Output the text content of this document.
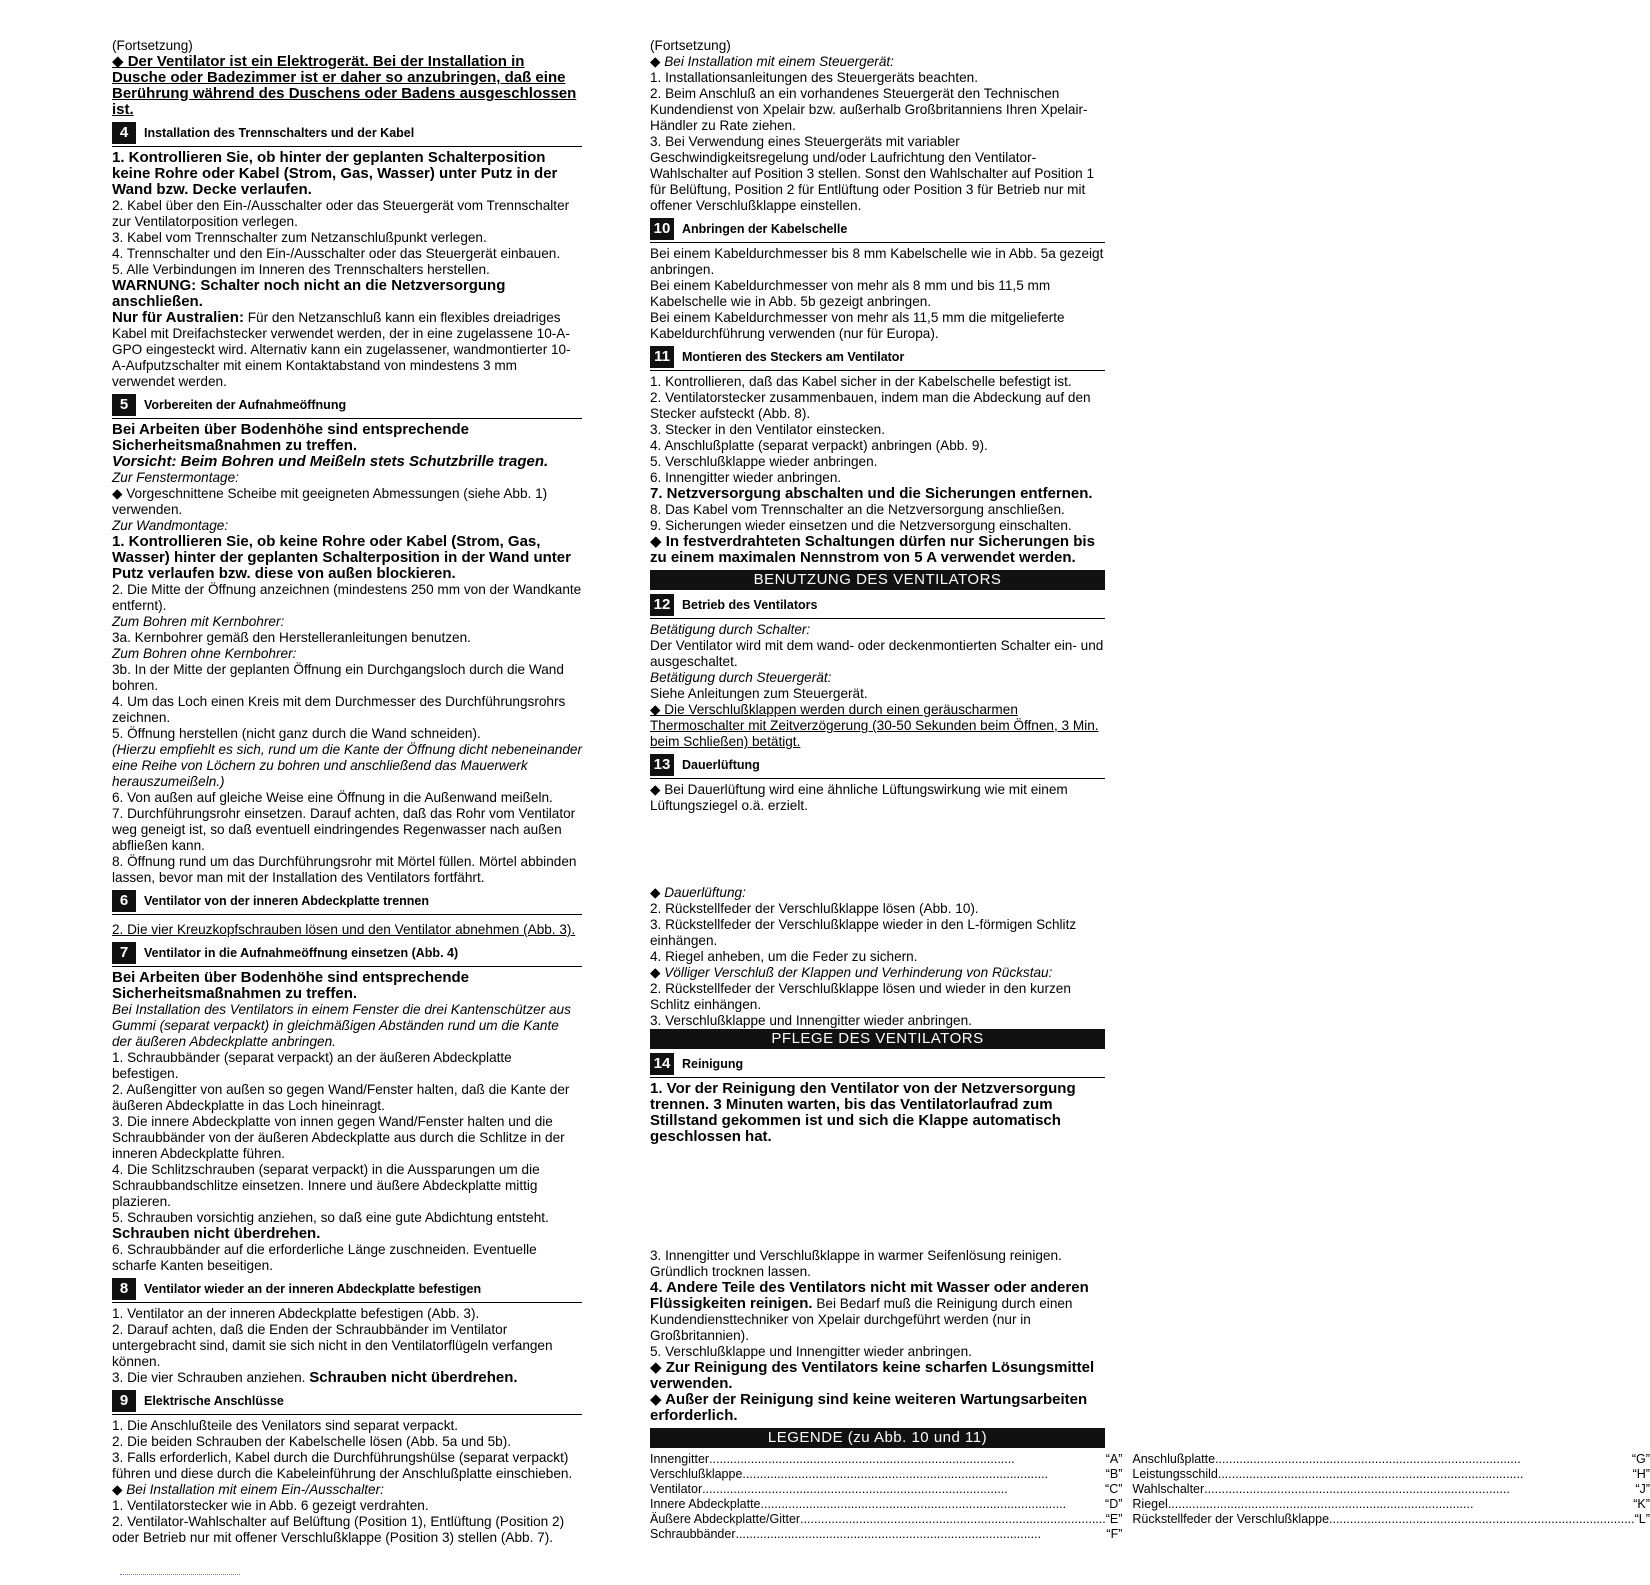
(Fortsetzung)

◆ Der Ventilator ist ein Elektrogerät. Bei der Installation in Dusche oder Badezimmer ist er daher so anzubringen, daß eine Berührung während des Duschens oder Badens ausgeschlossen ist.

4	Installation des Trennschalters und der Kabel

1. Kontrollieren Sie, ob hinter der geplanten Schalterposition keine Rohre oder Kabel (Strom, Gas, Wasser) unter Putz in der Wand bzw. Decke verlaufen.

2. Kabel über den Ein-/Ausschalter oder das Steuergerät vom Trennschalter zur Ventilatorposition verlegen.

3. Kabel vom Trennschalter zum Netzanschlußpunkt verlegen.

4. Trennschalter und den Ein-/Ausschalter oder das Steuergerät einbauen.

5. Alle Verbindungen im Inneren des Trennschalters herstellen.

WARNUNG: Schalter noch nicht an die Netzversorgung anschließen.

Nur für Australien: Für den Netzanschluß kann ein flexibles dreiadriges Kabel mit Dreifachstecker verwendet werden, der in eine zugelassene 10-A-GPO eingesteckt wird. Alternativ kann ein zugelassener, wandmontierter 10-A-Aufputzschalter mit einem Kontaktabstand von mindestens 3 mm verwendet werden.

5	Vorbereiten der Aufnahmeöffnung

Bei Arbeiten über Bodenhöhe sind entsprechende Sicherheitsmaßnahmen zu treffen.

Vorsicht: Beim Bohren und Meißeln stets Schutzbrille tragen.

Zur Fenstermontage:

◆ Vorgeschnittene Scheibe mit geeigneten Abmessungen (siehe Abb. 1) verwenden.

Zur Wandmontage:

1. Kontrollieren Sie, ob keine Rohre oder Kabel (Strom, Gas, Wasser) hinter der geplanten Schalterposition in der Wand unter Putz verlaufen bzw. diese von außen blockieren.

2. Die Mitte der Öffnung anzeichnen (mindestens 250 mm von der Wandkante entfernt).

Zum Bohren mit Kernbohrer:

3a. Kernbohrer gemäß den Herstelleranleitungen benutzen.

Zum Bohren ohne Kernbohrer:

3b. In der Mitte der geplanten Öffnung ein Durchgangsloch durch die Wand bohren.

4. Um das Loch einen Kreis mit dem Durchmesser des Durchführungsrohrs zeichnen.

5. Öffnung herstellen (nicht ganz durch die Wand schneiden).

(Hierzu empfiehlt es sich, rund um die Kante der Öffnung dicht nebeneinander eine Reihe von Löchern zu bohren und anschließend das Mauerwerk herauszumeißeln.)

6. Von außen auf gleiche Weise eine Öffnung in die Außenwand meißeln.

7. Durchführungsrohr einsetzen. Darauf achten, daß das Rohr vom Ventilator weg geneigt ist, so daß eventuell eindringendes Regenwasser nach außen abfließen kann.

8. Öffnung rund um das Durchführungsrohr mit Mörtel füllen. Mörtel abbinden lassen, bevor man mit der Installation des Ventilators fortfährt.

6	Ventilator von der inneren Abdeckplatte trennen

2. Die vier Kreuzkopfschrauben lösen und den Ventilator abnehmen (Abb. 3).

7	Ventilator in die Aufnahmeöffnung einsetzen (Abb. 4)

Bei Arbeiten über Bodenhöhe sind entsprechende Sicherheitsmaßnahmen zu treffen.

Bei Installation des Ventilators in einem Fenster die drei Kantenschützer aus Gummi (separat verpackt) in gleichmäßigen Abständen rund um die Kante der äußeren Abdeckplatte anbringen.

1. Schraubbänder (separat verpackt) an der äußeren Abdeckplatte befestigen.

2. Außengitter von außen so gegen Wand/Fenster halten, daß die Kante der äußeren Abdeckplatte in das Loch hineinragt.

3. Die innere Abdeckplatte von innen gegen Wand/Fenster halten und die Schraubbänder von der äußeren Abdeckplatte aus durch die Schlitze in der inneren Abdeckplatte führen.

4. Die Schlitzschrauben (separat verpackt) in die Aussparungen um die Schraubbandschlitze einsetzen. Innere und äußere Abdeckplatte mittig plazieren.

5. Schrauben vorsichtig anziehen, so daß eine gute Abdichtung entsteht.

Schrauben nicht überdrehen.

6. Schraubbänder auf die erforderliche Länge zuschneiden. Eventuelle scharfe Kanten beseitigen.

8	Ventilator wieder an der inneren Abdeckplatte befestigen

1. Ventilator an der inneren Abdeckplatte befestigen (Abb. 3).

2. Darauf achten, daß die Enden der Schraubbänder im Ventilator untergebracht sind, damit sie sich nicht in den Ventilatorflügeln verfangen können.

3. Die vier Schrauben anziehen. Schrauben nicht überdrehen.

9	Elektrische Anschlüsse

1. Die Anschlußteile des Venilators sind separat verpackt.

2. Die beiden Schrauben der Kabelschelle lösen (Abb. 5a und 5b).

3. Falls erforderlich, Kabel durch die Durchführungshülse (separat verpackt) führen und diese durch die Kabeleinführung der Anschlußplatte einschieben.

◆ Bei Installation mit einem Ein-/Ausschalter:

1. Ventilatorstecker wie in Abb. 6 gezeigt verdrahten.

2. Ventilator-Wahlschalter auf Belüftung (Position 1), Entlüftung (Position 2) oder Betrieb nur mit offener Verschlußklappe (Position 3) stellen (Abb. 7).

(Fortsetzung)

◆ Bei Installation mit einem Steuergerät:

1. Installationsanleitungen des Steuergeräts beachten.

2. Beim Anschluß an ein vorhandenes Steuergerät den Technischen Kundendienst von Xpelair bzw. außerhalb Großbritanniens Ihren Xpelair-Händler zu Rate ziehen.

3. Bei Verwendung eines Steuergeräts mit variabler Geschwindigkeitsregelung und/oder Laufrichtung den Ventilator-Wahlschalter auf Position 3 stellen. Sonst den Wahlschalter auf Position 1 für Belüftung, Position 2 für Entlüftung oder Position 3 für Betrieb nur mit offener Verschlußklappe einstellen.

10 Anbringen der Kabelschelle

Bei einem Kabeldurchmesser bis 8 mm Kabelschelle wie in Abb. 5a gezeigt anbringen.
Bei einem Kabeldurchmesser von mehr als 8 mm und bis 11,5 mm Kabelschelle wie in Abb. 5b gezeigt anbringen.
Bei einem Kabeldurchmesser von mehr als 11,5 mm die mitgelieferte Kabeldurchführung verwenden (nur für Europa).

11 Montieren des Steckers am Ventilator

1. Kontrollieren, daß das Kabel sicher in der Kabelschelle befestigt ist.

2. Ventilatorstecker zusammenbauen, indem man die Abdeckung auf den Stecker aufsteckt (Abb. 8).

3. Stecker in den Ventilator einstecken.

4. Anschlußplatte (separat verpackt) anbringen (Abb. 9).

5. Verschlußklappe wieder anbringen.

6. Innengitter wieder anbringen.

7. Netzversorgung abschalten und die Sicherungen entfernen.

8. Das Kabel vom Trennschalter an die Netzversorgung anschließen.

9. Sicherungen wieder einsetzen und die Netzversorgung einschalten.

◆ In festverdrahteten Schaltungen dürfen nur Sicherungen bis zu einem maximalen Nennstrom von 5 A verwendet werden.

BENUTZUNG DES VENTILATORS
12 Betrieb des Ventilators

Betätigung durch Schalter:

Der Ventilator wird mit dem wand- oder deckenmontierten Schalter ein- und ausgeschaltet.

Betätigung durch Steuergerät:

Siehe Anleitungen zum Steuergerät.

◆ Die Verschlußklappen werden durch einen geräuscharmen Thermoschalter mit Zeitverzögerung (30-50 Sekunden beim Öffnen, 3 Min. beim Schließen) betätigt.

13 Dauerlüftung

◆ Bei Dauerlüftung wird eine ähnliche Lüftungswirkung wie mit einem Lüftungsziegel o.ä. erzielt.

◆ Dauerlüftung:

2. Rückstellfeder der Verschlußklappe lösen (Abb. 10).

3. Rückstellfeder der Verschlußklappe wieder in den L-förmigen Schlitz einhängen.

4. Riegel anheben, um die Feder zu sichern.

◆ Völliger Verschluß der Klappen und Verhinderung von Rückstau:

2. Rückstellfeder der Verschlußklappe lösen und wieder in den kurzen Schlitz einhängen.

3. Verschlußklappe und Innengitter wieder anbringen.

PFLEGE DES VENTILATORS
14 Reinigung

1. Vor der Reinigung den Ventilator von der Netzversorgung trennen. 3 Minuten warten, bis das Ventilatorlaufrad zum Stillstand gekommen ist und sich die Klappe automatisch geschlossen hat.

3. Innengitter und Verschlußklappe in warmer Seifenlösung reinigen. Gründlich trocknen lassen.

4. Andere Teile des Ventilators nicht mit Wasser oder anderen Flüssigkeiten reinigen. Bei Bedarf muß die Reinigung durch einen Kundendiensttechniker von Xpelair durchgeführt werden (nur in Großbritannien).

5. Verschlußklappe und Innengitter wieder anbringen.

◆ Zur Reinigung des Ventilators keine scharfen Lösungsmittel verwenden.

◆ Außer der Reinigung sind keine weiteren Wartungsarbeiten erforderlich.

LEGENDE (zu Abb. 10 und 11)
Innengitter .....	“A” Anschlußplatte .....	“G”
Verschlußklappe .....	“B” Leistungsschild .....	“H”
Ventilator .....	“C” Wahlschalter .....	“J”
Innere Abdeckplatte .....	“D” Riegel .....	“K”
Äußere Abdeckplatte/Gitter .....	“E” Rückstellfeder der Verschlußklappe .....	“L”
Schraubbänder .....	“F”
